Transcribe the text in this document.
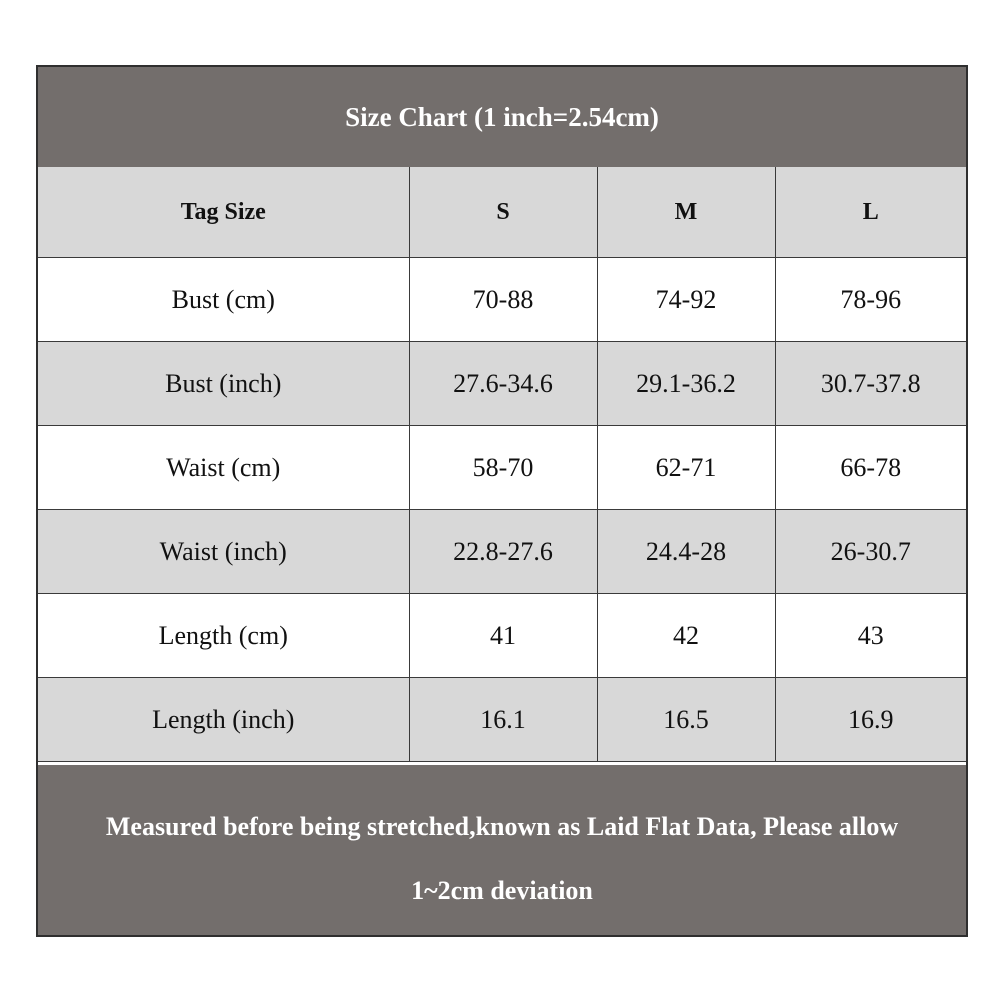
Size Chart (1 inch=2.54cm)
Tag Size	S	M	L
Bust (cm)	70-88	74-92	78-96
Bust (inch)	27.6-34.6	29.1-36.2	30.7-37.8
Waist (cm)	58-70	62-71	66-78
Waist (inch)	22.8-27.6	24.4-28	26-30.7
Length (cm)	41	42	43
Length (inch)	16.1	16.5	16.9
Measured before being stretched,known as Laid Flat Data, Please allow
1~2cm deviation
